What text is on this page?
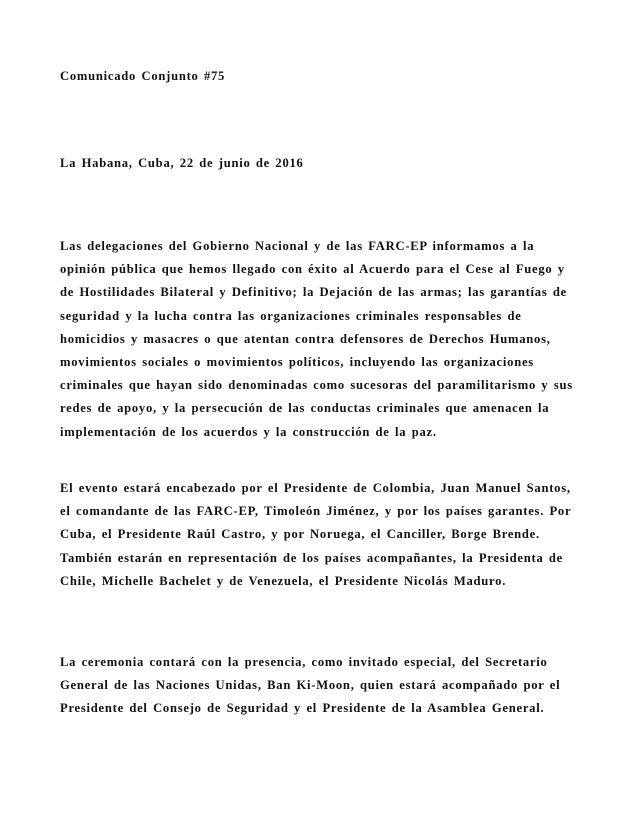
Comunicado Conjunto #75

La Habana, Cuba, 22 de junio de 2016

Las delegaciones del Gobierno Nacional y de las FARC-EP informamos a la opinión pública que hemos llegado con éxito al Acuerdo para el Cese al Fuego y de Hostilidades Bilateral y Definitivo; la Dejación de las armas; las garantías de seguridad y la lucha contra las organizaciones criminales responsables de homicidios y masacres o que atentan contra defensores de Derechos Humanos, movimientos sociales o movimientos políticos, incluyendo las organizaciones criminales que hayan sido denominadas como sucesoras del paramilitarismo y sus redes de apoyo, y la persecución de las conductas criminales que amenacen la implementación de los acuerdos y la construcción de la paz.

El evento estará encabezado por el Presidente de Colombia, Juan Manuel Santos, el comandante de las FARC-EP, Timoleón Jiménez, y por los países garantes. Por Cuba, el Presidente Raúl Castro, y por Noruega, el Canciller, Borge Brende. También estarán en representación de los países acompañantes, la Presidenta de Chile, Michelle Bachelet y de Venezuela, el Presidente Nicolás Maduro.

La ceremonia contará con la presencia, como invitado especial, del Secretario General de las Naciones Unidas, Ban Ki-Moon, quien estará acompañado por el Presidente del Consejo de Seguridad y el Presidente de la Asamblea General.
